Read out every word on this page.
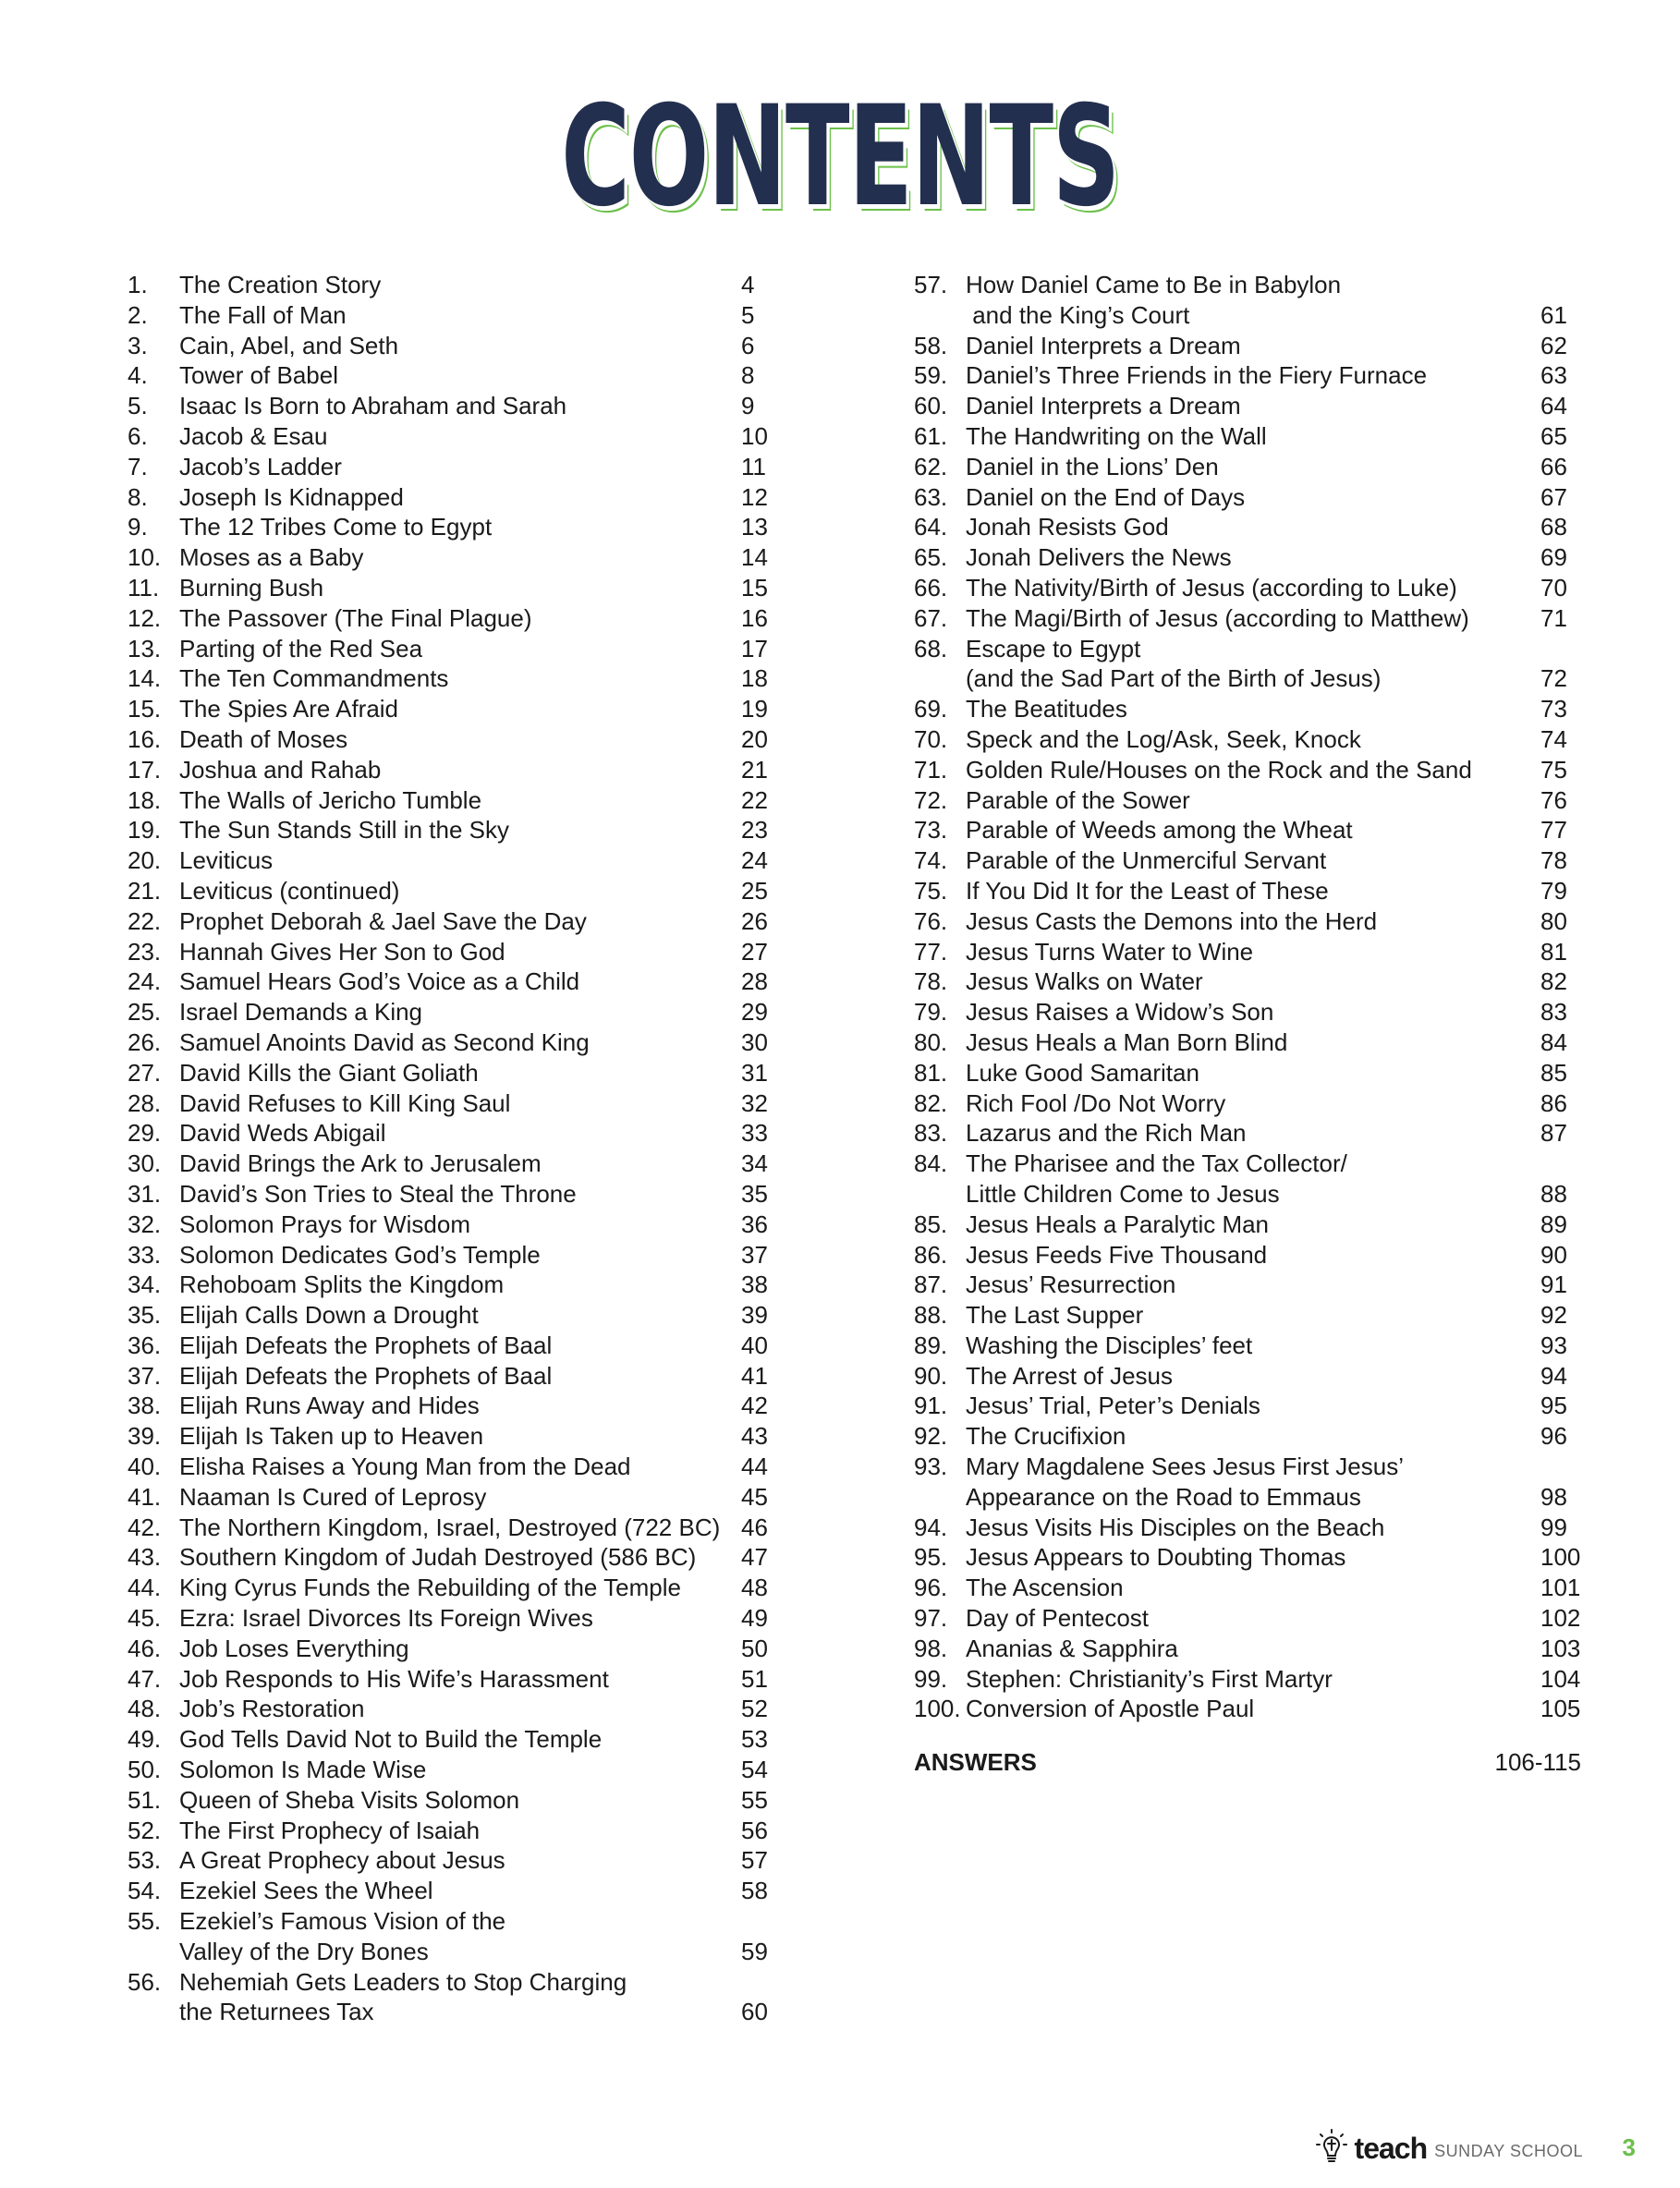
CONTENTS
1.	The Creation Story	4
2.	The Fall of Man	5
3.	Cain, Abel, and Seth	6
4.	Tower of Babel	8
5.	Isaac Is Born to Abraham and Sarah	9
6.	Jacob & Esau	10
7.	Jacob’s Ladder	11
8.	Joseph Is Kidnapped	12
9.	The 12 Tribes Come to Egypt	13
10. Moses as a Baby	14
11. Burning Bush	15
12. The Passover (The Final Plague)	16
13. Parting of the Red Sea	17
14. The Ten Commandments	18
15. The Spies Are Afraid	19
16. Death of Moses	20
17. Joshua and Rahab	21
18. The Walls of Jericho Tumble	22
19. The Sun Stands Still in the Sky	23
20. Leviticus	24
21. Leviticus (continued)	25
22. Prophet Deborah & Jael Save the Day	26
23. Hannah Gives Her Son to God	27
24. Samuel Hears God’s Voice as a Child	28
25. Israel Demands a King	29
26. Samuel Anoints David as Second King	30
27. David Kills the Giant Goliath	31
28. David Refuses to Kill King Saul	32
29. David Weds Abigail	33
30. David Brings the Ark to Jerusalem	34
31. David’s Son Tries to Steal the Throne	35
32. Solomon Prays for Wisdom	36
33. Solomon Dedicates God’s Temple	37
34. Rehoboam Splits the Kingdom	38
35. Elijah Calls Down a Drought	39
36. Elijah Defeats the Prophets of Baal	40
37. Elijah Defeats the Prophets of Baal	41
38. Elijah Runs Away and Hides	42
39. Elijah Is Taken up to Heaven	43
40. Elisha Raises a Young Man from the Dead	44
41. Naaman Is Cured of Leprosy	45
42. The Northern Kingdom, Israel, Destroyed (722 BC) 46
43. Southern Kingdom of Judah Destroyed (586 BC)	47
44. King Cyrus Funds the Rebuilding of the Temple	48
45. Ezra: Israel Divorces Its Foreign Wives	49
46. Job Loses Everything	50
47. Job Responds to His Wife’s Harassment	51
48. Job’s Restoration	52
49. God Tells David Not to Build the Temple	53
50. Solomon Is Made Wise	54
51. Queen of Sheba Visits Solomon	55
52. The First Prophecy of Isaiah	56
53. A Great Prophecy about Jesus	57
54. Ezekiel Sees the Wheel	58
55. Ezekiel’s Famous Vision of the
Valley of the Dry Bones	59
56. Nehemiah Gets Leaders to Stop Charging
the Returnees Tax	60
57. How Daniel Came to Be in Babylon
and the King’s Court	61
58. Daniel Interprets a Dream	62
59. Daniel’s Three Friends in the Fiery Furnace	63
60. Daniel Interprets a Dream	64
61. The Handwriting on the Wall	65
62. Daniel in the Lions’ Den	66
63. Daniel on the End of Days	67
64. Jonah Resists God	68
65. Jonah Delivers the News	69
66. The Nativity/Birth of Jesus (according to Luke)	70
67. The Magi/Birth of Jesus (according to Matthew)	71
68. Escape to Egypt
(and the Sad Part of the Birth of Jesus)	72
69. The Beatitudes	73
70. Speck and the Log/Ask, Seek, Knock	74
71. Golden Rule/Houses on the Rock and the Sand	75
72. Parable of the Sower	76
73. Parable of Weeds among the Wheat	77
74. Parable of the Unmerciful Servant	78
75. If You Did It for the Least of These	79
76. Jesus Casts the Demons into the Herd	80
77. Jesus Turns Water to Wine	81
78. Jesus Walks on Water	82
79. Jesus Raises a Widow’s Son	83
80. Jesus Heals a Man Born Blind	84
81. Luke Good Samaritan	85
82. Rich Fool /Do Not Worry	86
83. Lazarus and the Rich Man	87
84. The Pharisee and the Tax Collector/
Little Children Come to Jesus	88
85. Jesus Heals a Paralytic Man	89
86. Jesus Feeds Five Thousand	90
87. Jesus’ Resurrection	91
88. The Last Supper	92
89. Washing the Disciples’ feet	93
90. The Arrest of Jesus	94
91. Jesus’ Trial, Peter’s Denials	95
92. The Crucifixion	96
93. Mary Magdalene Sees Jesus First Jesus’
Appearance on the Road to Emmaus	98
94. Jesus Visits His Disciples on the Beach	99
95. Jesus Appears to Doubting Thomas	100
96. The Ascension	101
97. Day of Pentecost	102
98. Ananias & Sapphira	103
99. Stephen: Christianity’s First Martyr	104
100. Conversion of Apostle Paul	105
ANSWERS	106-115
teach SUNDAY SCHOOL 3
